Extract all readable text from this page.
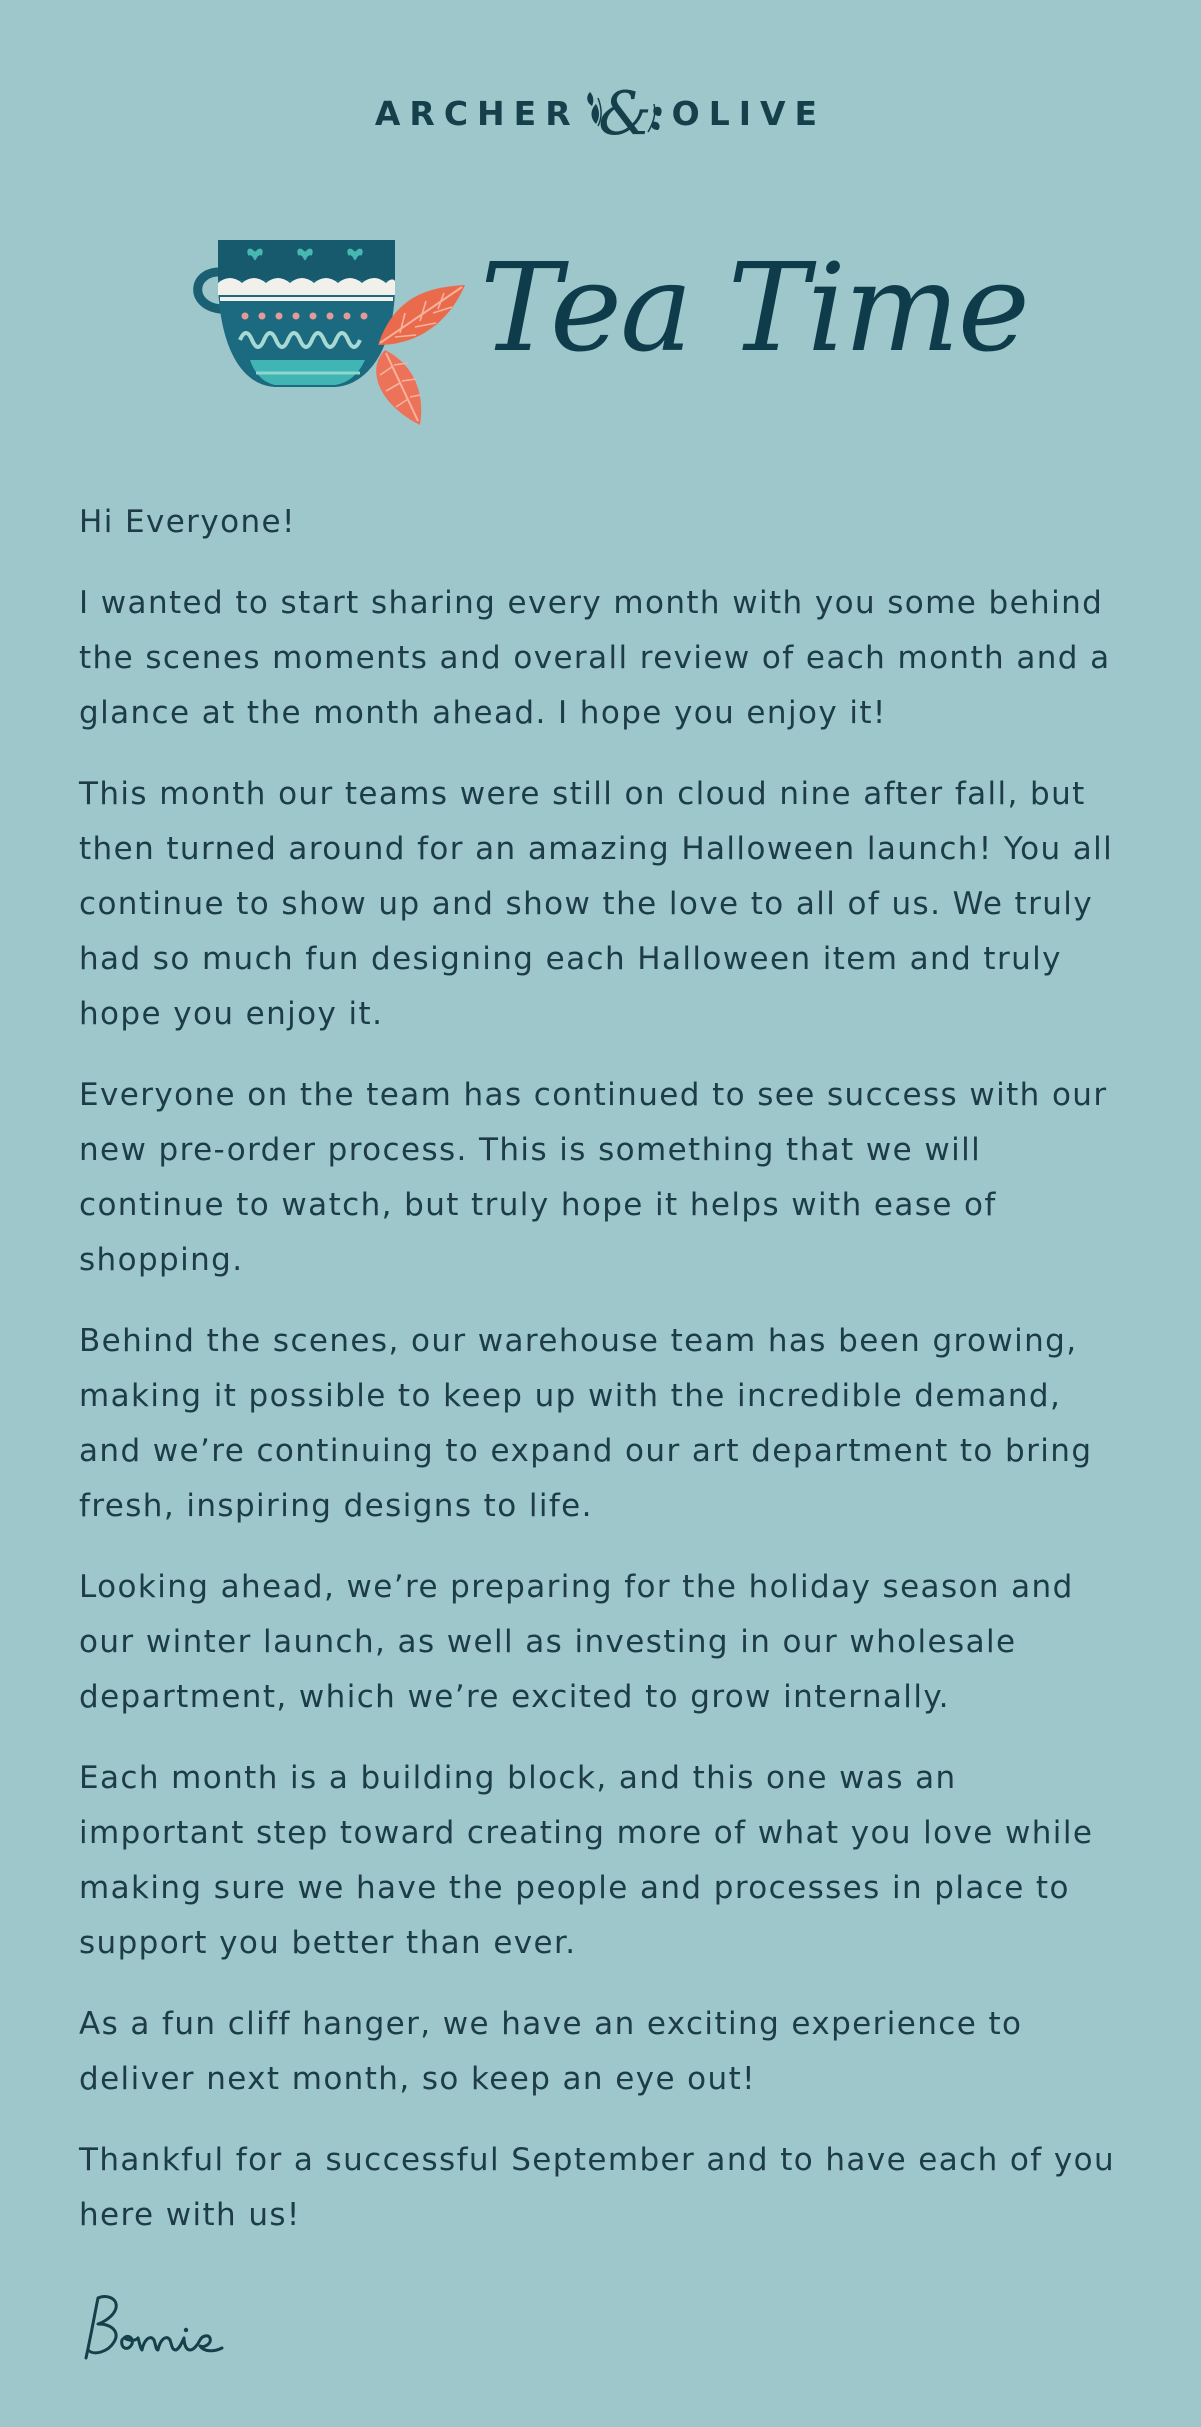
ARCHER & OLIVE
Tea Time

Hi Everyone!

I wanted to start sharing every month with you some behind the scenes moments and overall review of each month and a glance at the month ahead. I hope you enjoy it!

This month our teams were still on cloud nine after fall, but then turned around for an amazing Halloween launch! You all continue to show up and show the love to all of us. We truly had so much fun designing each Halloween item and truly hope you enjoy it.

Everyone on the team has continued to see success with our new pre-order process. This is something that we will continue to watch, but truly hope it helps with ease of shopping.

Behind the scenes, our warehouse team has been growing, making it possible to keep up with the incredible demand, and we’re continuing to expand our art department to bring fresh, inspiring designs to life.

Looking ahead, we’re preparing for the holiday season and our winter launch, as well as investing in our wholesale department, which we’re excited to grow internally.

Each month is a building block, and this one was an important step toward creating more of what you love while making sure we have the people and processes in place to support you better than ever.

As a fun cliff hanger, we have an exciting experience to deliver next month, so keep an eye out!

Thankful for a successful September and to have each of you here with us!
